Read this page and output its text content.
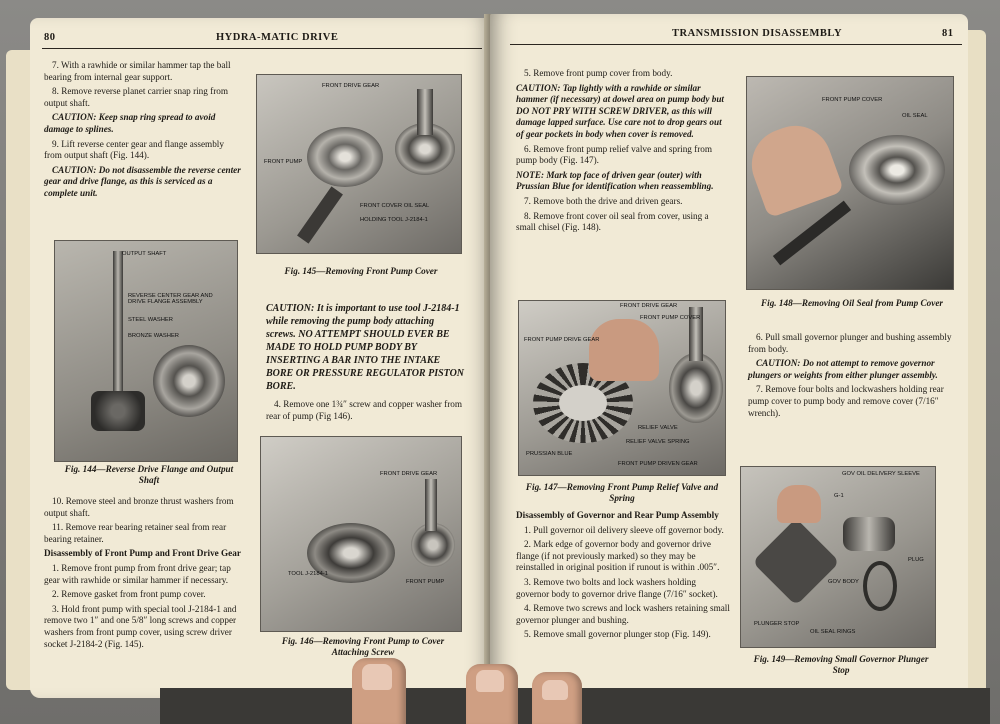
80	HYDRA-MATIC DRIVE

7. With a rawhide or similar hammer tap the ball bearing from internal gear support.

8. Remove reverse planet carrier snap ring from output shaft.

CAUTION: Keep snap ring spread to avoid damage to splines.

9. Lift reverse center gear and flange assembly from output shaft (Fig. 144).

CAUTION: Do not disassemble the reverse center gear and drive flange, as this is serviced as a complete unit.

OUTPUT SHAFT
REVERSE CENTER GEAR AND DRIVE FLANGE ASSEMBLY
STEEL WASHER
BRONZE WASHER
Fig. 144—Reverse Drive Flange and Output Shaft

10. Remove steel and bronze thrust washers from output shaft.

11. Remove rear bearing retainer seal from rear bearing retainer.

Disassembly of Front Pump and Front Drive Gear

1. Remove front pump from front drive gear; tap gear with rawhide or similar hammer if necessary.

2. Remove gasket from front pump cover.

3. Hold front pump with special tool J-2184-1 and remove two 1″ and one 5/8″ long screws and copper washers from front pump cover, using screw driver socket J-2184-2 (Fig. 145).

FRONT DRIVE GEAR
FRONT PUMP
FRONT COVER OIL SEAL
HOLDING TOOL J-2184-1
Fig. 145—Removing Front Pump Cover

CAUTION: It is important to use tool J-2184-1 while removing the pump body attaching screws. NO ATTEMPT SHOULD EVER BE MADE TO HOLD PUMP BODY BY INSERTING A BAR INTO THE INTAKE BORE OR PRESSURE REGULATOR PISTON BORE.

4. Remove one 1¾″ screw and copper washer from rear of pump (Fig 146).

FRONT DRIVE GEAR
TOOL J-2184-1
FRONT PUMP
Fig. 146—Removing Front Pump to Cover Attaching Screw
TRANSMISSION DISASSEMBLY	81

5. Remove front pump cover from body.

CAUTION: Tap lightly with a rawhide or similar hammer (if necessary) at dowel area on pump body but DO NOT PRY WITH SCREW DRIVER, as this will damage lapped surface. Use care not to drop gears out of gear pockets in body when cover is removed.

6. Remove front pump relief valve and spring from pump body (Fig. 147).

NOTE: Mark top face of driven gear (outer) with Prussian Blue for identification when reassembling.

7. Remove both the drive and driven gears.

8. Remove front cover oil seal from cover, using a small chisel (Fig. 148).

FRONT DRIVE GEAR
FRONT PUMP COVER
FRONT PUMP DRIVE GEAR
RELIEF VALVE
RELIEF VALVE SPRING
PRUSSIAN BLUE
FRONT PUMP DRIVEN GEAR
Fig. 147—Removing Front Pump Relief Valve and Spring

Disassembly of Governor and Rear Pump Assembly

1. Pull governor oil delivery sleeve off governor body.

2. Mark edge of governor body and governor drive flange (if not previously marked) so they may be reinstalled in original position if runout is within .005″.

3. Remove two bolts and lock washers holding governor body to governor drive flange (7/16″ socket).

4. Remove two screws and lock washers retaining small governor plunger and bushing.

5. Remove small governor plunger stop (Fig. 149).

FRONT PUMP COVER
OIL SEAL
Fig. 148—Removing Oil Seal from Pump Cover

6. Pull small governor plunger and bushing assembly from body.

CAUTION: Do not attempt to remove governor plungers or weights from either plunger assembly.

7. Remove four bolts and lockwashers holding rear pump cover to pump body and remove cover (7/16″ wrench).

GOV OIL DELIVERY SLEEVE
G-1
GOV BODY
PLUG
PLUNGER STOP
OIL SEAL RINGS
Fig. 149—Removing Small Governor Plunger Stop
